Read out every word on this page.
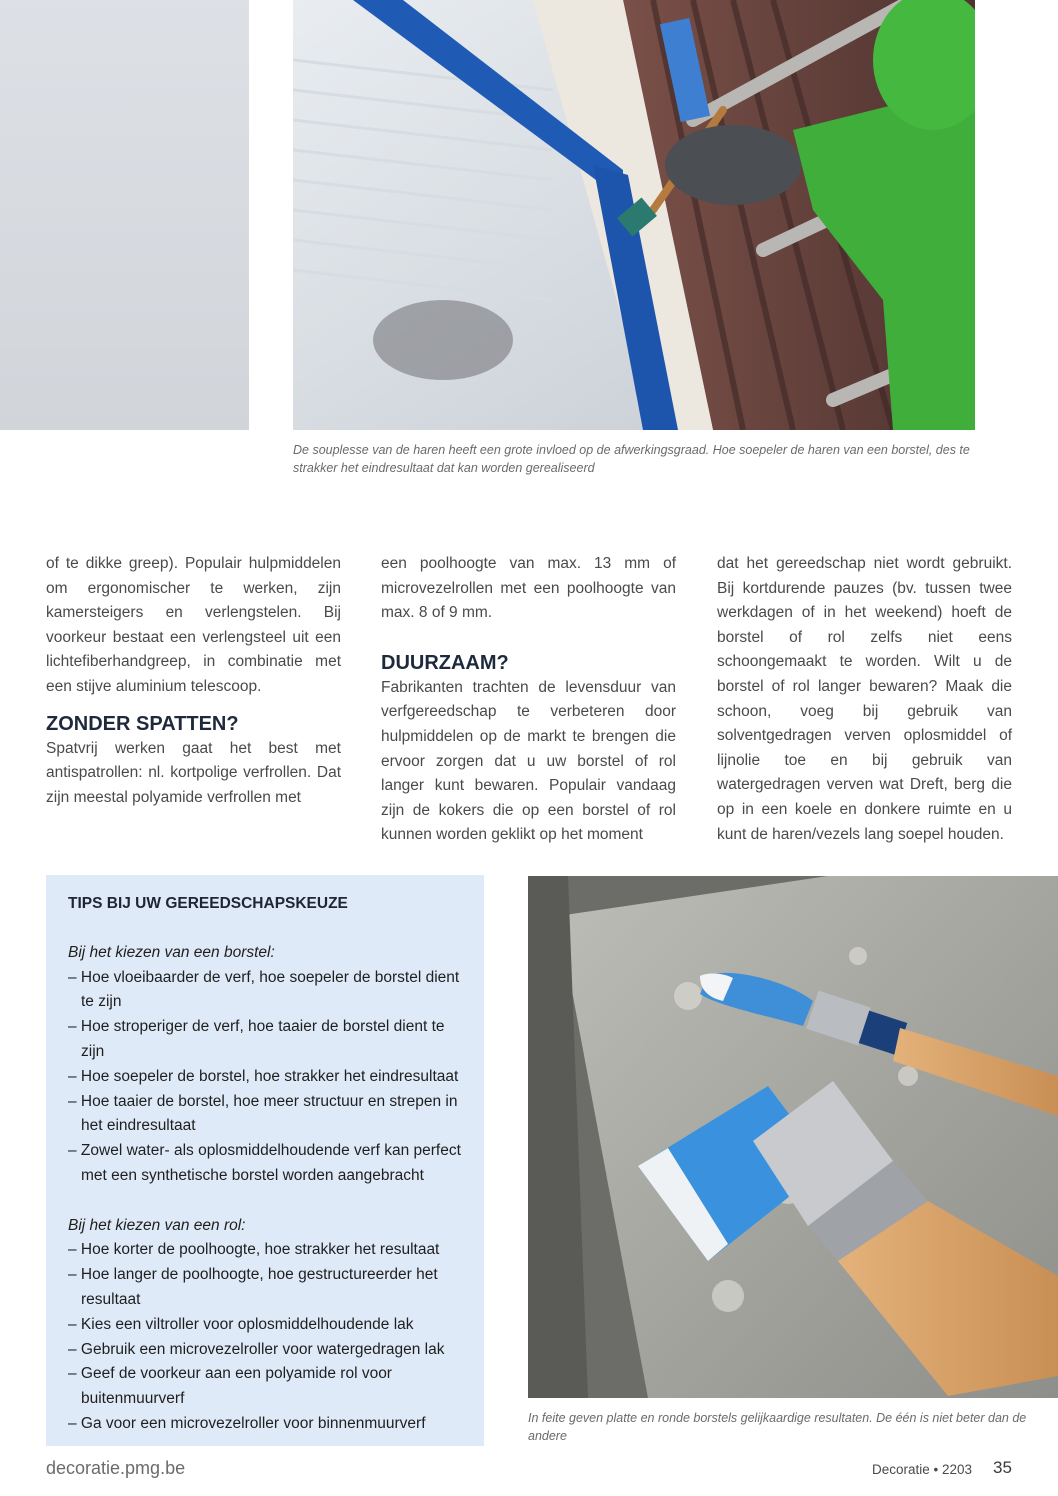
De souplesse van de haren heeft een grote invloed op de afwerkingsgraad. Hoe soepeler de haren van een borstel, des te strakker het eindresultaat dat kan worden gerealiseerd

of te dikke greep). Populair hulpmiddelen om ergonomischer te werken, zijn kamersteigers en verlengstelen. Bij voorkeur bestaat een verlengsteel uit een lichtefiberhandgreep, in combinatie met een stijve aluminium telescoop.

ZONDER SPATTEN?

Spatvrij werken gaat het best met antispatrollen: nl. kortpolige verfrollen. Dat zijn meestal polyamide verfrollen met

een poolhoogte van max. 13 mm of microvezelrollen met een poolhoogte van max. 8 of 9 mm.

DUURZAAM?

Fabrikanten trachten de levensduur van verfgereedschap te verbeteren door hulpmiddelen op de markt te brengen die ervoor zorgen dat u uw borstel of rol langer kunt bewaren. Populair vandaag zijn de kokers die op een borstel of rol kunnen worden geklikt op het moment

dat het gereedschap niet wordt gebruikt. Bij kortdurende pauzes (bv. tussen twee werkdagen of in het weekend) hoeft de borstel of rol zelfs niet eens schoongemaakt te worden. Wilt u de borstel of rol langer bewaren? Maak die schoon, voeg bij gebruik van solventgedragen verven oplosmiddel of lijnolie toe en bij gebruik van watergedragen verven wat Dreft, berg die op in een koele en donkere ruimte en u kunt de haren/vezels lang soepel houden.

TIPS BIJ UW GEREEDSCHAPSKEUZE

Bij het kiezen van een borstel:

– Hoe vloeibaarder de verf, hoe soepeler de borstel dient te zijn
– Hoe stroperiger de verf, hoe taaier de borstel dient te zijn
– Hoe soepeler de borstel, hoe strakker het eindresultaat
– Hoe taaier de borstel, hoe meer structuur en strepen in het eindresultaat
– Zowel water- als oplosmiddelhoudende verf kan perfect met een synthetische borstel worden aangebracht

Bij het kiezen van een rol:

– Hoe korter de poolhoogte, hoe strakker het resultaat
– Hoe langer de poolhoogte, hoe gestructureerder het resultaat
– Kies een viltroller voor oplosmiddelhoudende lak
– Gebruik een microvezelroller voor watergedragen lak
– Geef de voorkeur aan een polyamide rol voor buitenmuurverf
– Ga voor een microvezelroller voor binnenmuurverf	In feite geven platte en ronde borstels gelijkaardige resultaten. De één is niet beter dan de andere
decoratie.pmg.be	Decoratie • 2203 35
